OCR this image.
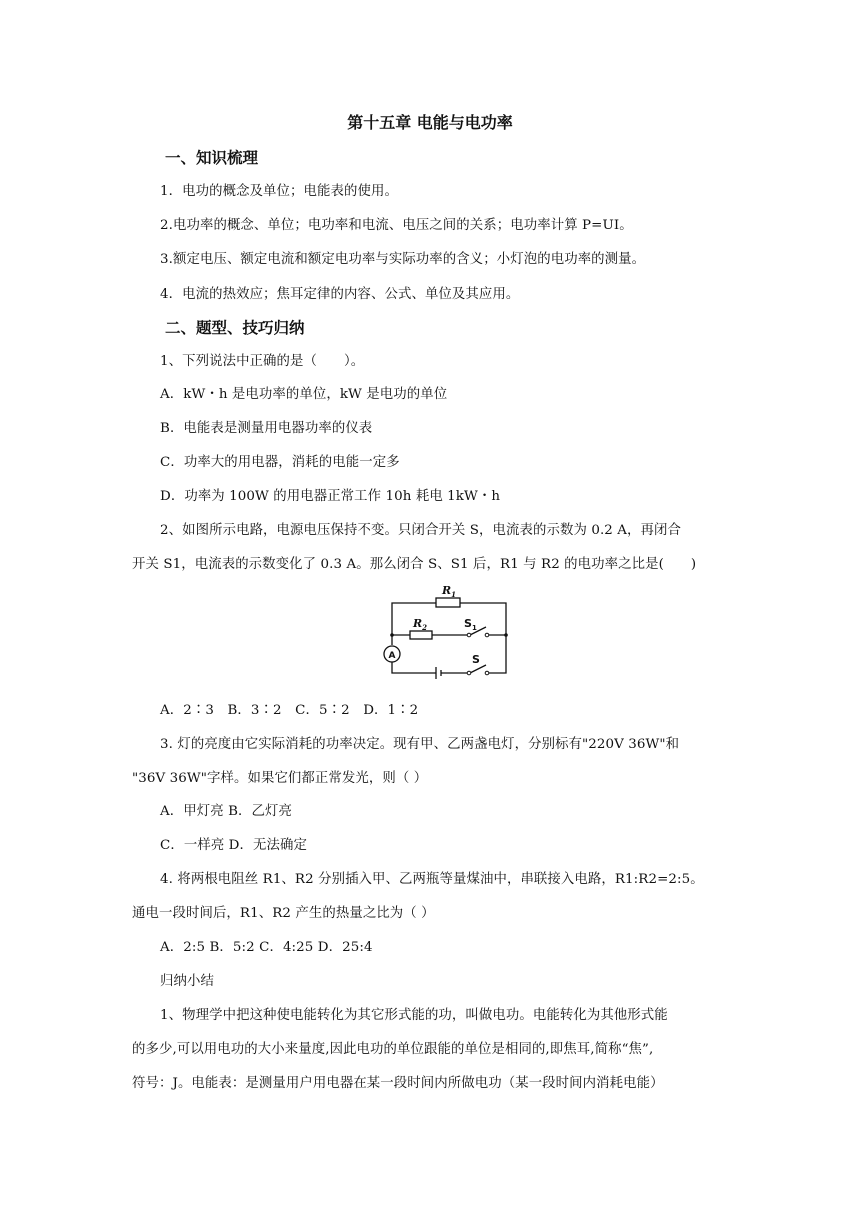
第十五章 电能与电功率
一、知识梳理
1．电功的概念及单位；电能表的使用。
2.电功率的概念、单位；电功率和电流、电压之间的关系；电功率计算 P=UI。
3.额定电压、额定电流和额定电功率与实际功率的含义；小灯泡的电功率的测量。
4．电流的热效应；焦耳定律的内容、公式、单位及其应用。
二、题型、技巧归纳
1、下列说法中正确的是（　　）。
A．kW・h 是电功率的单位，kW 是电功的单位
B．电能表是测量用电器功率的仪表
C．功率大的用电器，消耗的电能一定多
D．功率为 100W 的用电器正常工作 10h 耗电 1kW・h
2、如图所示电路，电源电压保持不变。只闭合开关 S，电流表的示数为 0.2 A，再闭合
开关 S1，电流表的示数变化了 0.3 A。那么闭合 S、S1 后，R1 与 R2 的电功率之比是(　　)
$R_1$
$R_2$	$S_1$
S
A
A．2∶3　B．3∶2　C．5∶2　D．1∶2
3. 灯的亮度由它实际消耗的功率决定。现有甲、乙两盏电灯，分别标有"220V 36W"和
"36V 36W"字样。如果它们都正常发光，则（ ）
A．甲灯亮 B．乙灯亮
C．一样亮 D．无法确定
4. 将两根电阻丝 R1、R2 分别插入甲、乙两瓶等量煤油中，串联接入电路，R1:R2=2:5。
通电一段时间后，R1、R2 产生的热量之比为（ ）
A．2:5 B．5:2 C．4:25 D．25:4
归纳小结
1、物理学中把这种使电能转化为其它形式能的功，叫做电功。电能转化为其他形式能
的多少,可以用电功的大小来量度,因此电功的单位跟能的单位是相同的,即焦耳,简称“焦”,
符号：J。电能表：是测量用户用电器在某一段时间内所做电功（某一段时间内消耗电能）
